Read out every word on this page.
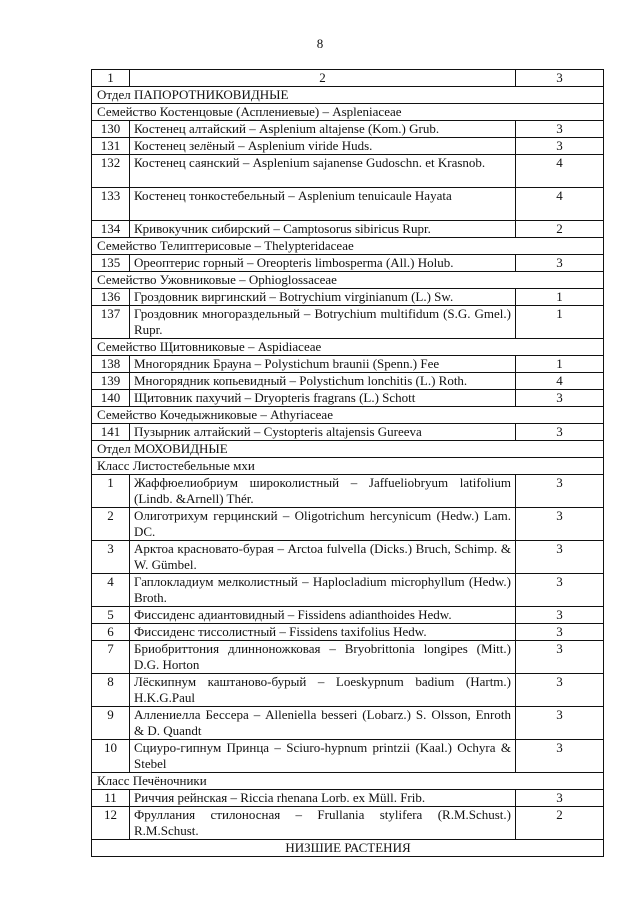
8
1	2	3
Отдел ПАПОРОТНИКОВИДНЫЕ		
Семейство Костенцовые (Асплениевые) – Aspleniaceae		
130	Костенец алтайский – Asplenium altajense (Kom.) Grub.	3
131	Костенец зелёный – Asplenium viride Huds.	3
132	Костенец саянский – Asplenium sajanense Gudoschn. et Krasnob.	4
133	Костенец тонкостебельный – Asplenium tenuicaule Hayata	4
134	Кривокучник сибирский – Camptosorus sibiricus Rupr.	2
Семейство Телиптерисовые – Thelypteridaceae		
135	Ореоптерис горный – Oreopteris limbosperma (All.) Holub.	3
Семейство Ужовниковые – Ophioglossaceae		
136	Гроздовник виргинский – Botrychium virginianum (L.) Sw.	1
137	Гроздовник многораздельный – Botrychium multifidum (S.G. Gmel.) Rupr.	1
Семейство Щитовниковые – Aspidiaceae		
138	Многорядник Брауна – Polystichum braunii (Spenn.) Fee	1
139	Многорядник копьевидный – Polystichum lonchitis (L.) Roth.	4
140	Щитовник пахучий – Dryopteris fragrans (L.) Schott	3
Семейство Кочедыжниковые – Athyriaceae		
141	Пузырник алтайский – Cystopteris altajensis Gureeva	3
Отдел МОХОВИДНЫЕ		
Класс Листостебельные мхи		
1	Жаффюелиобриум широколистный – Jaffueliobryum latifolium (Lindb. &Arnell) Thér.	3
2	Олиготрихум герцинский – Oligotrichum hercynicum (Hedw.) Lam. DC.	3
3	Арктоа красновато-бурая – Arctoa fulvella (Dicks.) Bruch, Schimp. & W. Gümbel.	3
4	Гаплокладиум мелколистный – Haplocladium microphyllum (Hedw.) Broth.	3
5	Фиссиденс адиантовидный – Fissidens adianthoides Hedw.	3
6	Фиссиденс тиссолистный – Fissidens taxifolius Hedw.	3
7	Бриобриттония длинноножковая – Bryobrittonia longipes (Mitt.) D.G. Horton	3
8	Лёскипнум каштаново-бурый – Loeskypnum badium (Hartm.) H.K.G.Paul	3
9	Аллениелла Бессера – Alleniella besseri (Lobarz.) S. Olsson, Enroth & D. Quandt	3
10	Сциуро-гипнум Принца – Sciuro-hypnum printzii (Kaal.) Ochyra & Stebel	3
Класс Печёночники		
11	Риччия рейнская – Riccia rhenana Lorb. ex Müll. Frib.	3
12	Фруллания стилоносная – Frullania stylifera (R.M.Schust.) R.M.Schust.	2
НИЗШИЕ РАСТЕНИЯ		
